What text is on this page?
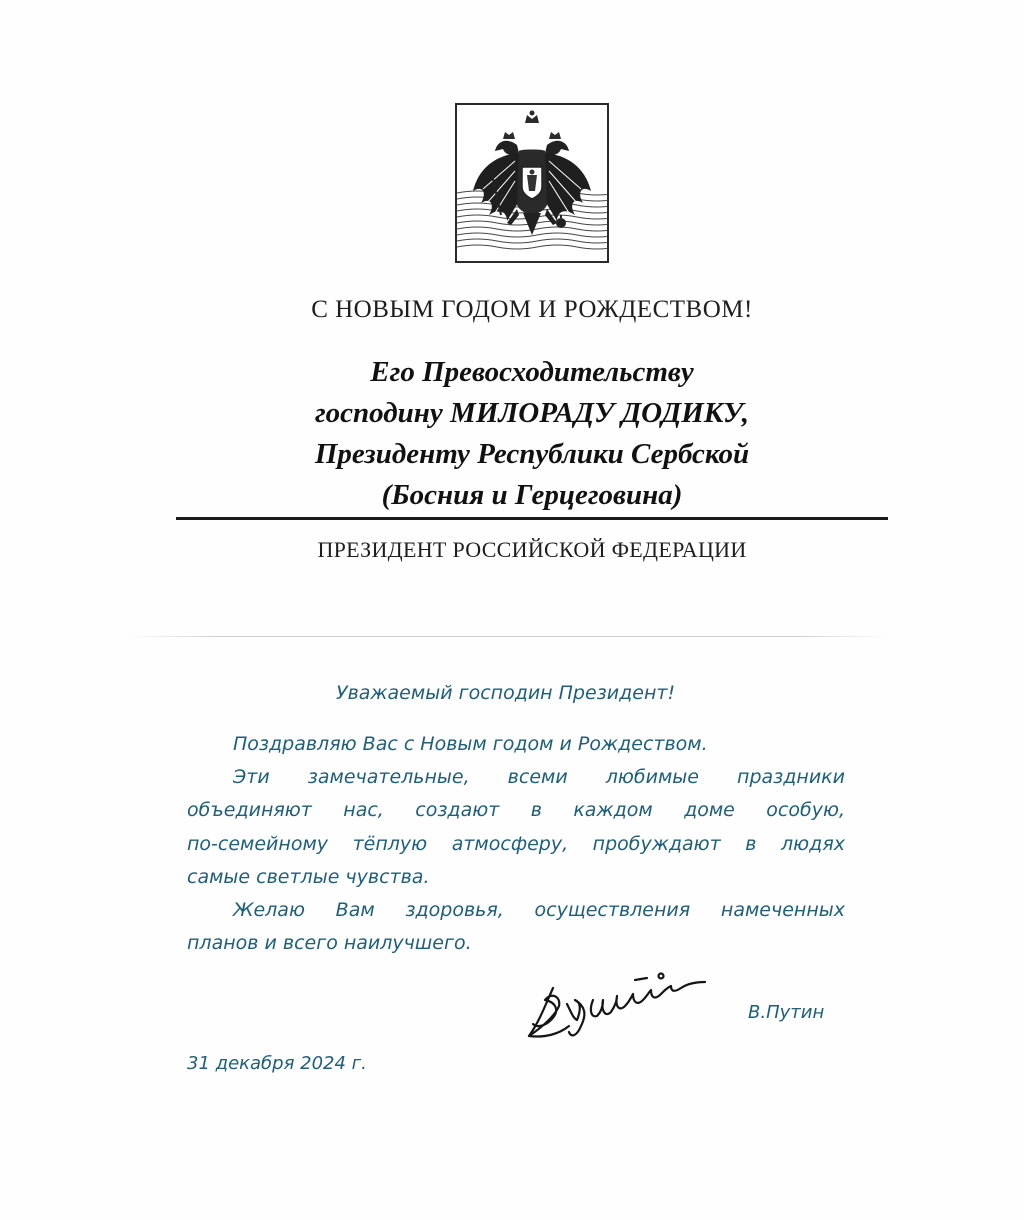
С НОВЫМ ГОДОМ И РОЖДЕСТВОМ!
Его Превосходительству
господину МИЛОРАДУ ДОДИКУ,
Президенту Республики Сербской
(Босния и Герцеговина)
ПРЕЗИДЕНТ РОССИЙСКОЙ ФЕДЕРАЦИИ
Уважаемый господин Президент!
Поздравляю Вас с Новым годом и Рождеством.
Эти замечательные, всеми любимые праздники
объединяют нас, создают в каждом доме особую,
по-семейному тёплую атмосферу, пробуждают в людях
самые светлые чувства.
Желаю Вам здоровья, осуществления намеченных
планов и всего наилучшего.
В.Путин
31 декабря 2024 г.
